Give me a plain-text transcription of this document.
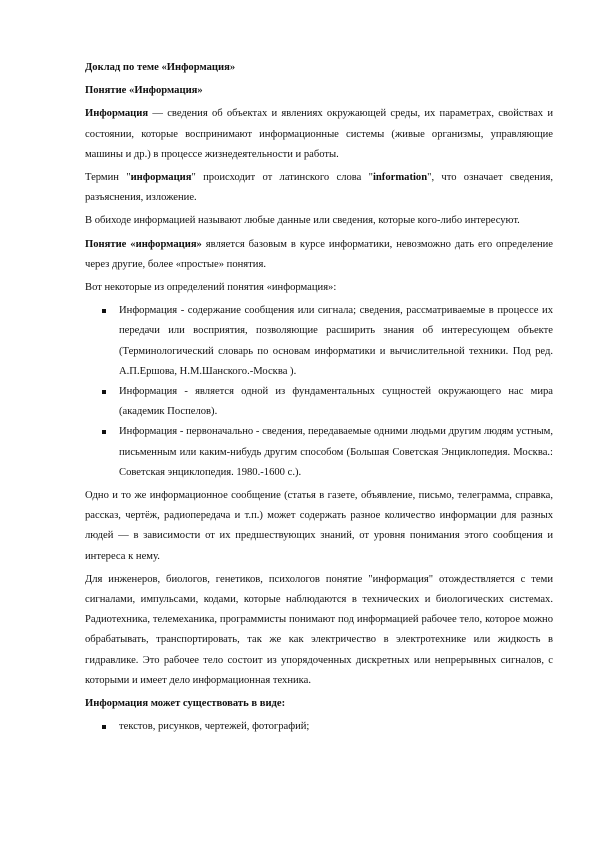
Доклад по теме «Информация»

Понятие «Информация»

Информация — сведения об объектах и явлениях окружающей среды, их параметрах, свойствах и состоянии, которые воспринимают информационные системы (живые организмы, управляющие машины и др.) в процессе жизнедеятельности и работы.

Термин "информация" происходит от латинского слова "information", что означает сведения, разъяснения, изложение.

В обиходе информацией называют любые данные или сведения, которые кого-либо интересуют.

Понятие «информация» является базовым в курсе информатики, невозможно дать его определение через другие, более «простые» понятия.

Вот некоторые из определений понятия «информация»:

Информация - содержание сообщения или сигнала; сведения, рассматриваемые в процессе их передачи или восприятия, позволяющие расширить знания об интересующем объекте (Терминологический словарь по основам информатики и вычислительной техники. Под ред. А.П.Ершова, Н.М.Шанского.-Москва ).
Информация - является одной из фундаментальных сущностей окружающего нас мира (академик Поспелов).
Информация - первоначально - сведения, передаваемые одними людьми другим людям устным, письменным или каким-нибудь другим способом (Большая Советская Энциклопедия. Москва.: Советская энциклопедия. 1980.-1600 с.).

Одно и то же информационное сообщение (статья в газете, объявление, письмо, телеграмма, справка, рассказ, чертёж, радиопередача и т.п.) может содержать разное количество информации для разных людей — в зависимости от их предшествующих знаний, от уровня понимания этого сообщения и интереса к нему.

Для инженеров, биологов, генетиков, психологов понятие "информация" отождествляется с теми сигналами, импульсами, кодами, которые наблюдаются в технических и биологических системах. Радиотехника, телемеханика, программисты понимают под информацией рабочее тело, которое можно обрабатывать, транспортировать, так же как электричество в электротехнике или жидкость в гидравлике. Это рабочее тело состоит из упорядоченных дискретных или непрерывных сигналов, с которыми и имеет дело информационная техника.

Информация может существовать в виде:

текстов, рисунков, чертежей, фотографий;
